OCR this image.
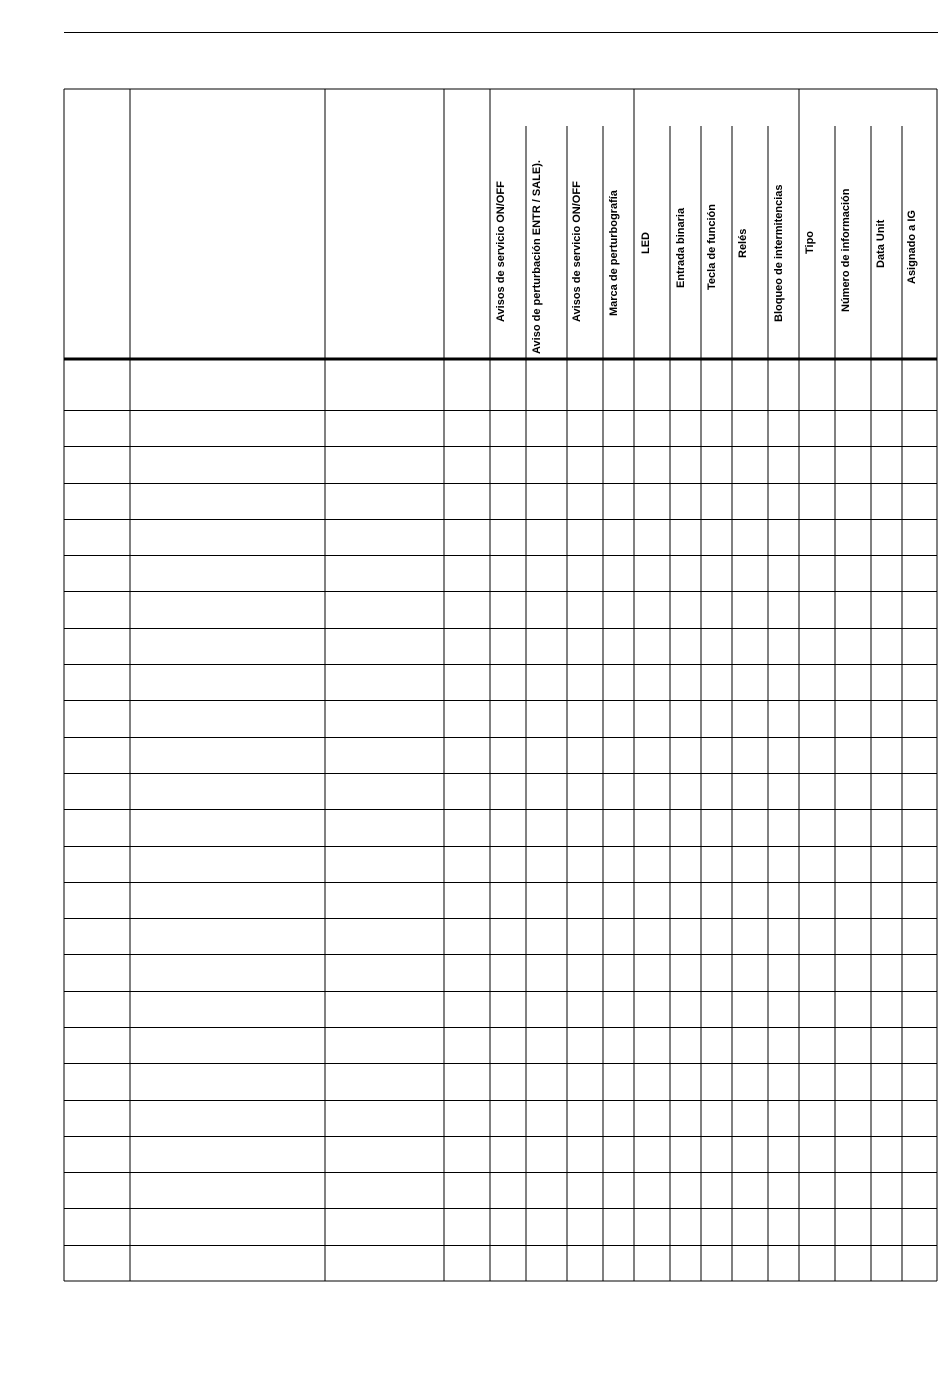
Avisos de servicio ON/OFF Aviso de perturbación ENTR / SALE).	Avisos de servicio ON/OFF Marca de perturbografía LED Entrada binaria Tecla de función Relés Bloqueo de intermitencias Tipo Número de información Data Unit Asignado a IG
